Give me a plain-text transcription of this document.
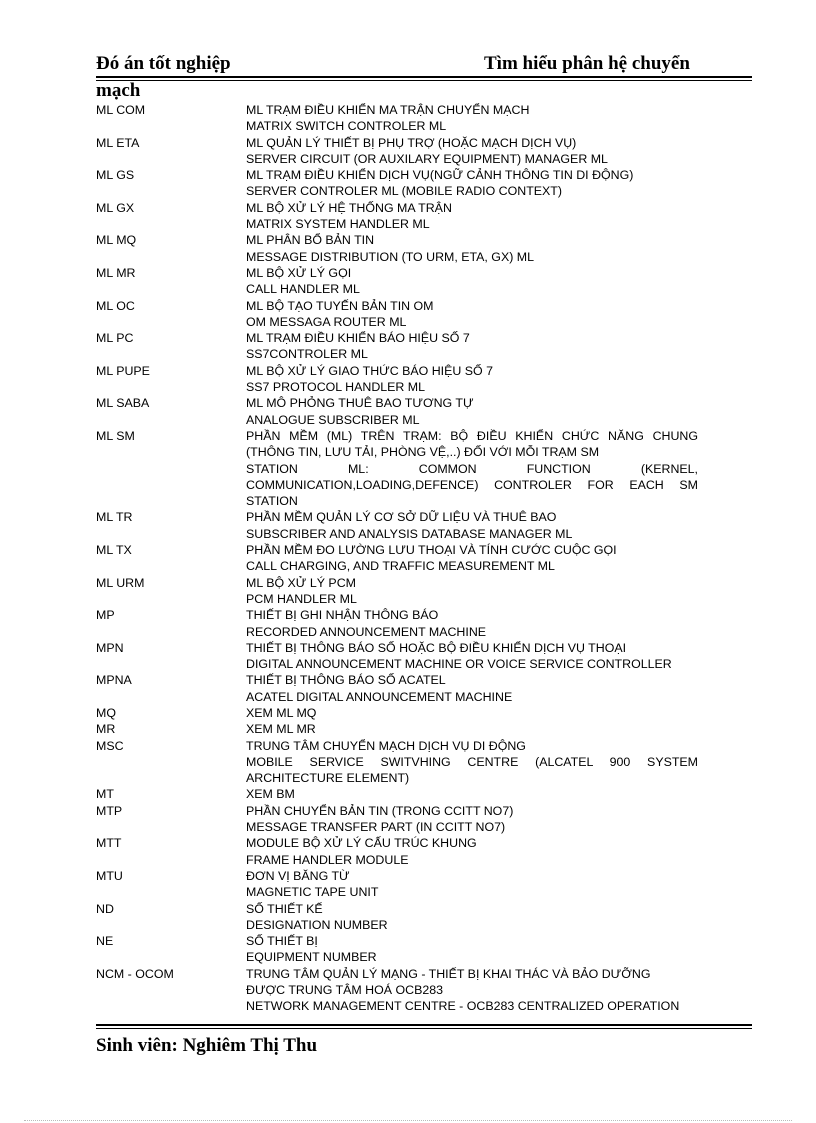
Đó án tốt nghiệp	Tìm hiểu phân hệ chuyển
mạch
ML COM	ML TRẠM ĐIỀU KHIỂN MA TRẬN CHUYỂN MẠCH
MATRIX SWITCH CONTROLER ML
ML ETA	ML QUẢN LÝ THIẾT BỊ PHỤ TRỢ (HOẶC MẠCH DỊCH VỤ)
SERVER CIRCUIT (OR AUXILARY EQUIPMENT) MANAGER ML
ML GS	ML TRẠM ĐIỀU KHIỂN DỊCH VỤ(NGỮ CẢNH THÔNG TIN DI ĐỘNG)
SERVER CONTROLER ML (MOBILE RADIO CONTEXT)
ML GX	ML BỘ XỬ LÝ HỆ THỐNG MA TRẬN
MATRIX SYSTEM HANDLER ML
ML MQ	ML PHÂN BỔ BẢN TIN
MESSAGE DISTRIBUTION (TO URM, ETA, GX) ML
ML MR	ML BỘ XỬ LÝ GỌI
CALL HANDLER ML
ML OC	ML BỘ TẠO TUYẾN BẢN TIN OM
OM MESSAGA ROUTER ML
ML PC	ML TRẠM ĐIỀU KHIỂN BÁO HIỆU SỐ 7
SS7CONTROLER ML
ML PUPE	ML BỘ XỬ LÝ GIAO THỨC BÁO HIỆU SỐ 7
SS7 PROTOCOL HANDLER ML
ML SABA	ML MÔ PHỎNG THUÊ BAO TƯƠNG TỰ
ANALOGUE SUBSCRIBER ML
ML SM	PHẦN MỀM (ML) TRÊN TRẠM: BỘ ĐIỀU KHIỂN CHỨC NĂNG CHUNG
(THÔNG TIN, LƯU TẢI, PHÒNG VỆ,..) ĐỐI VỚI MỖI TRẠM SM
STATION ML: COMMON FUNCTION (KERNEL,
COMMUNICATION,LOADING,DEFENCE) CONTROLER FOR EACH SM
STATION
ML TR	PHẦN MỀM QUẢN LÝ CƠ SỞ DỮ LIỆU VÀ THUÊ BAO
SUBSCRIBER AND ANALYSIS DATABASE MANAGER ML
ML TX	PHẦN MỀM ĐO LƯỜNG LƯU THOẠI VÀ TÍNH CƯỚC CUỘC GỌI
CALL CHARGING, AND TRAFFIC MEASUREMENT ML
ML URM	ML BỘ XỬ LÝ PCM
PCM HANDLER ML
MP	THIẾT BỊ GHI NHẬN THÔNG BÁO
RECORDED ANNOUNCEMENT MACHINE
MPN	THIẾT BỊ THÔNG BÁO SỐ HOẶC BỘ ĐIỀU KHIỂN DỊCH VỤ THOẠI
DIGITAL ANNOUNCEMENT MACHINE OR VOICE SERVICE CONTROLLER
MPNA	THIẾT BỊ THÔNG BÁO SỐ ACATEL
ACATEL DIGITAL ANNOUNCEMENT MACHINE
MQ	XEM ML MQ
MR	XEM ML MR
MSC	TRUNG TÂM CHUYỂN MẠCH DỊCH VỤ DI ĐỘNG
MOBILE SERVICE SWITVHING CENTRE (ALCATEL 900 SYSTEM
ARCHITECTURE ELEMENT)
MT	XEM BM
MTP	PHẦN CHUYỂN BẢN TIN (TRONG CCITT NO7)
MESSAGE TRANSFER PART (IN CCITT NO7)
MTT	MODULE BỘ XỬ LÝ CẤU TRÚC KHUNG
FRAME HANDLER MODULE
MTU	ĐƠN VỊ BĂNG TỪ
MAGNETIC TAPE UNIT
ND	SỐ THIẾT KẾ
DESIGNATION NUMBER
NE	SỐ THIẾT BỊ
EQUIPMENT NUMBER
NCM - OCOM	TRUNG TÂM QUẢN LÝ MẠNG - THIẾT BỊ KHAI THÁC VÀ BẢO DƯỠNG
ĐƯỢC TRUNG TÂM HOÁ OCB283
NETWORK MANAGEMENT CENTRE - OCB283 CENTRALIZED OPERATION
Sinh viên: Nghiêm Thị Thu
